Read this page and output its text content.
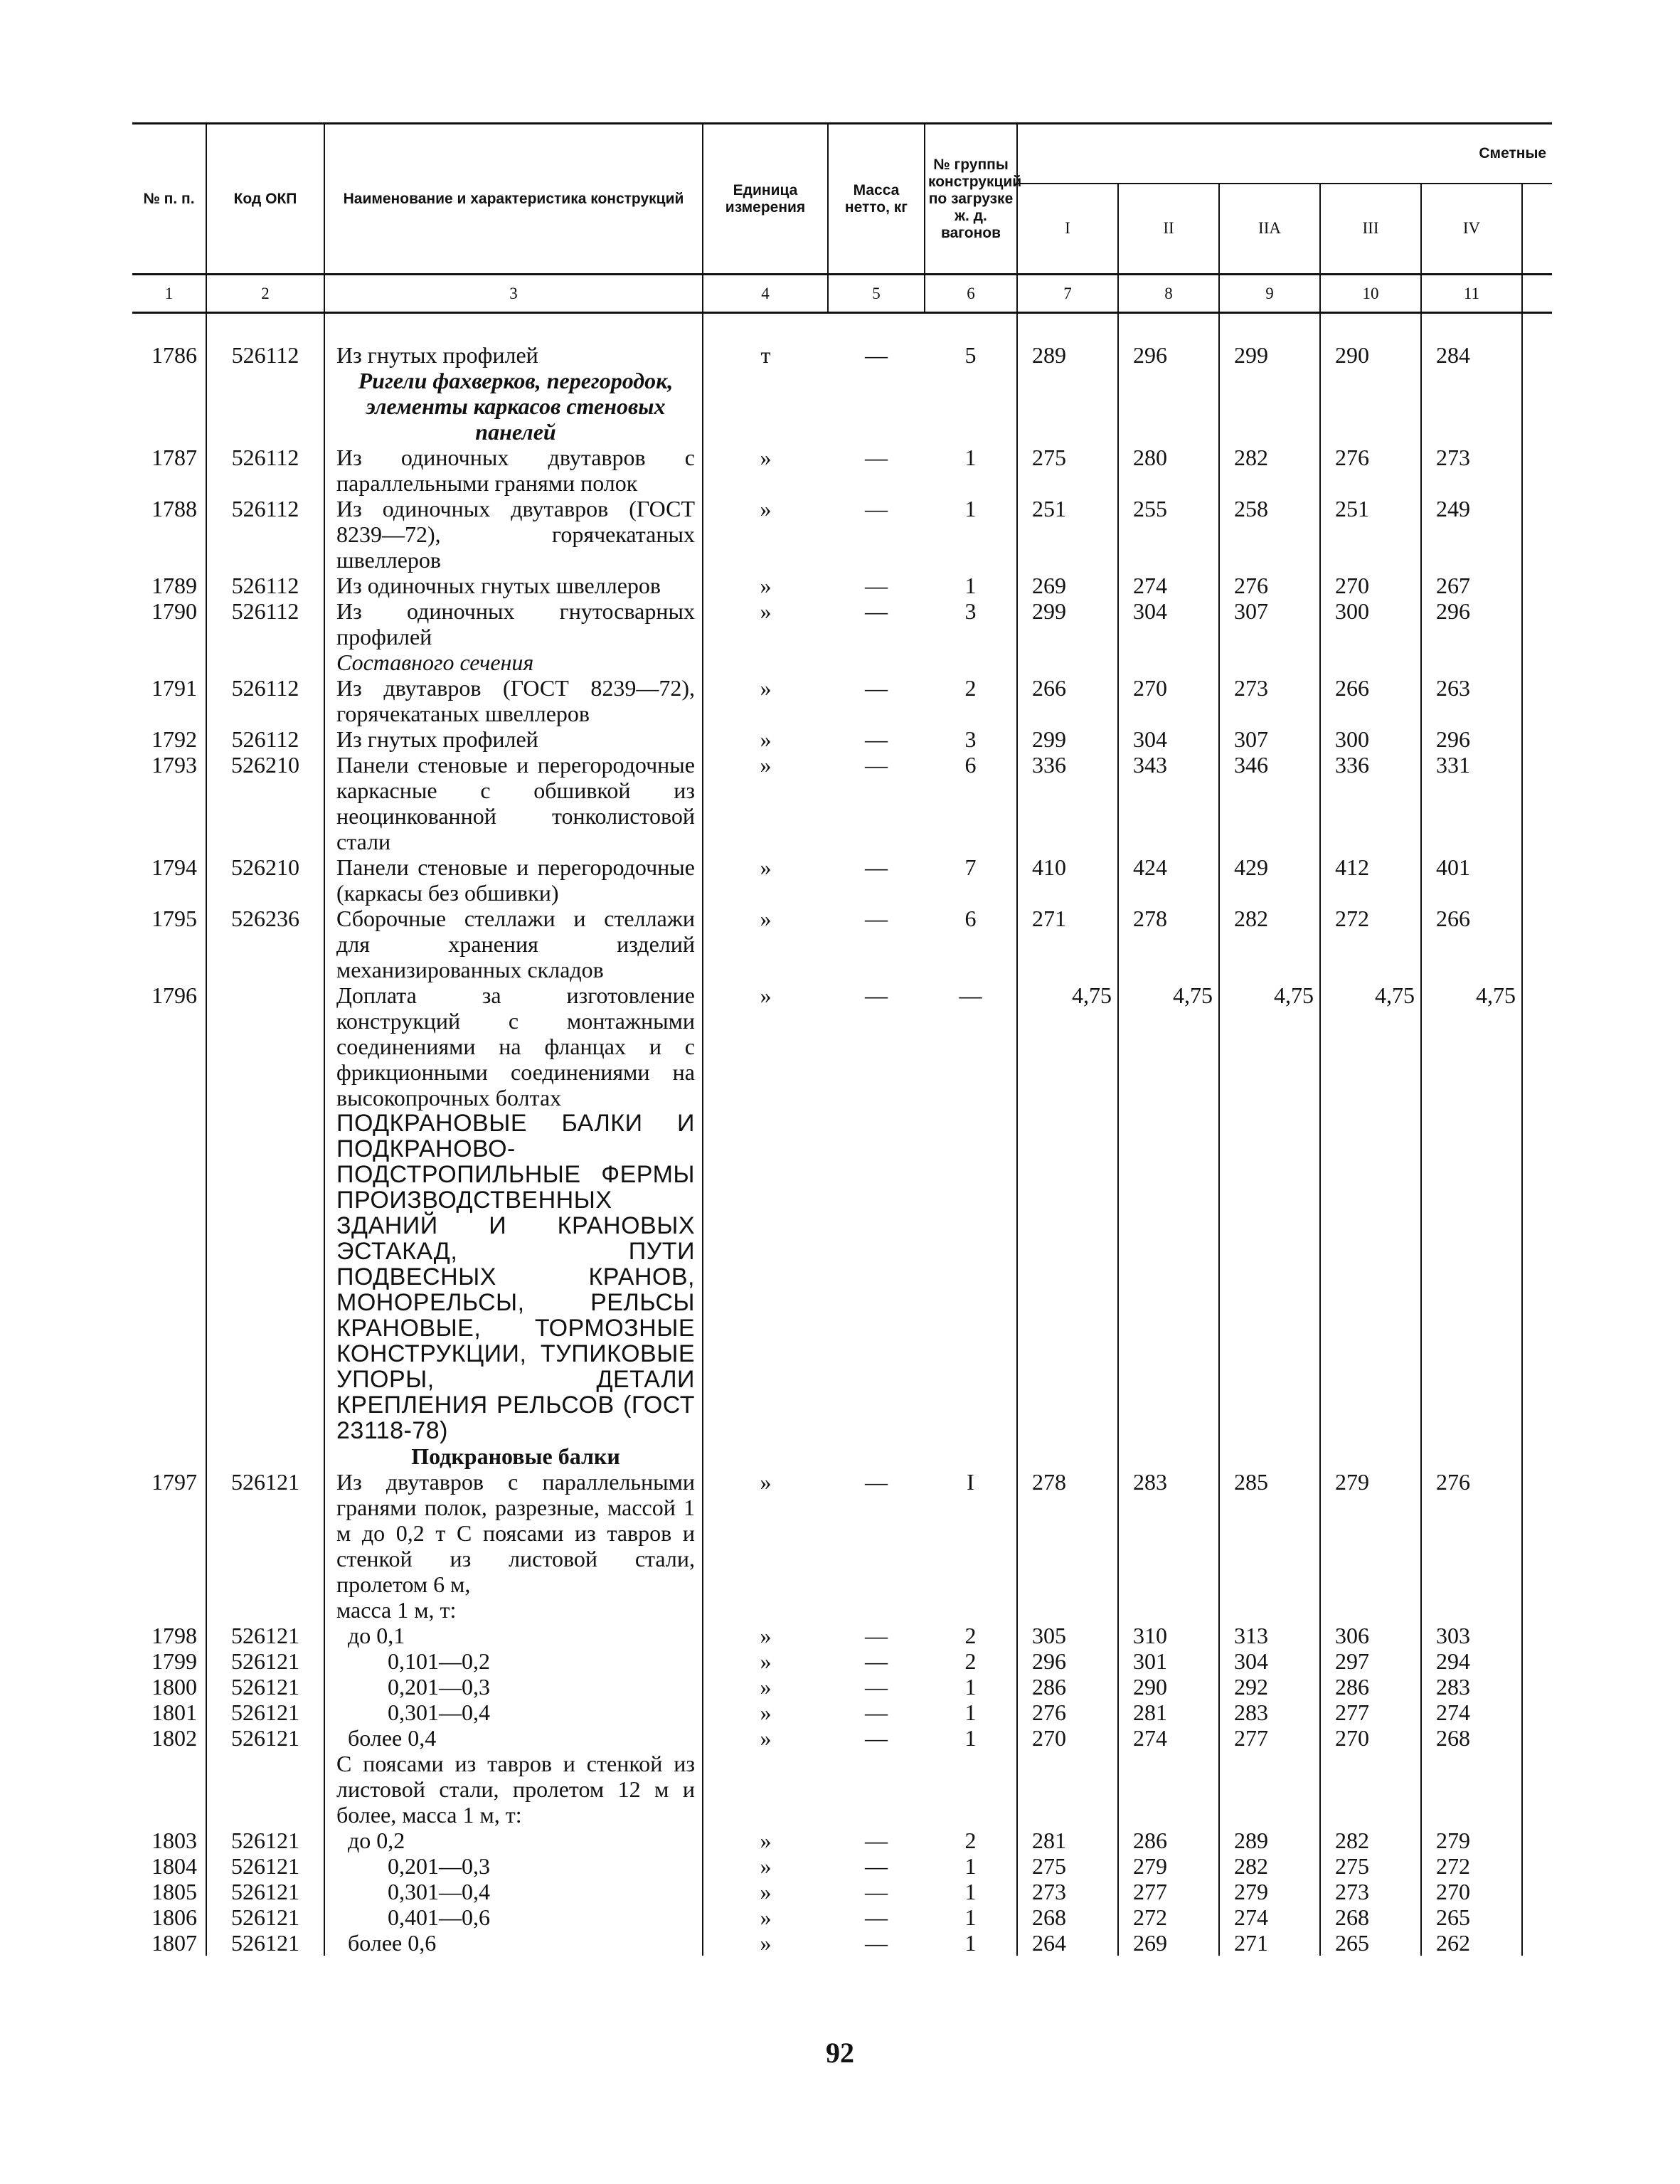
№ п. п.	Код ОКП	Наименование и характеристика конструкций	Единица измерения	Масса нетто, кг	№ группы конструкций по загрузке ж. д. вагонов	Сметные					
						I	II	IIA	III	IV	
1	2	3	4	5	6	7	8	9	10	11	

1786	526112	Из гнутых профилей	т	—	5	289	296	299	290	284	

		Ригели фахверков, перегородок, элементы каркасов стеновых панелей									

1787	526112	Из одиночных двутавров с параллельными гранями полок	»	—	1	275	280	282	276	273	
1788	526112	Из одиночных двутавров (ГОСТ 8239—72), горячекатаных швеллеров	»	—	1	251	255	258	251	249	
1789	526112	Из одиночных гнутых швеллеров	»	—	1	269	274	276	270	267	
1790	526112	Из одиночных гнутосварных профилей	»	—	3	299	304	307	300	296	
		Составного сечения									
1791	526112	Из двутавров (ГОСТ 8239—72), горячекатаных швеллеров	»	—	2	266	270	273	266	263	
1792	526112	Из гнутых профилей	»	—	3	299	304	307	300	296	
1793	526210	Панели стеновые и перегородочные каркасные с обшивкой из неоцинкованной тонколистовой стали	»	—	6	336	343	346	336	331	
1794	526210	Панели стеновые и перегородочные (каркасы без обшивки)	»	—	7	410	424	429	412	401	
1795	526236	Сборочные стеллажи и стеллажи для хранения изделий механизированных складов	»	—	6	271	278	282	272	266	
1796		Доплата за изготовление конструкций с монтажными соединениями на фланцах и с фрикционными соединениями на высокопрочных болтах	»	—	—	4,75	4,75	4,75	4,75	4,75	

		ПОДКРАНОВЫЕ БАЛКИ И ПОДКРАНОВО-ПОДСТРОПИЛЬНЫЕ ФЕРМЫ ПРОИЗВОДСТВЕННЫХ ЗДАНИЙ И КРАНОВЫХ ЭСТАКАД, ПУТИ ПОДВЕСНЫХ КРАНОВ, МОНОРЕЛЬСЫ, РЕЛЬСЫ КРАНОВЫЕ, ТОРМОЗНЫЕ КОНСТРУКЦИИ, ТУПИКОВЫЕ УПОРЫ, ДЕТАЛИ КРЕПЛЕНИЯ РЕЛЬСОВ (ГОСТ 23118-78)									

		Подкрановые балки									

1797	526121	Из двутавров с параллельными гранями полок, разрезные, массой 1 м до 0,2 т С поясами из тавров и стенкой из листовой стали, пролетом 6 м,	»	—	I	278	283	285	279	276	
		масса 1 м, т:									
1798	526121	до 0,1	»	—	2	305	310	313	306	303	
1799	526121	0,101—0,2	»	—	2	296	301	304	297	294	
1800	526121	0,201—0,3	»	—	1	286	290	292	286	283	
1801	526121	0,301—0,4	»	—	1	276	281	283	277	274	
1802	526121	более 0,4	»	—	1	270	274	277	270	268	
		С поясами из тавров и стенкой из листовой стали, пролетом 12 м и более, масса 1 м, т:									
1803	526121	до 0,2	»	—	2	281	286	289	282	279	
1804	526121	0,201—0,3	»	—	1	275	279	282	275	272	
1805	526121	0,301—0,4	»	—	1	273	277	279	273	270	
1806	526121	0,401—0,6	»	—	1	268	272	274	268	265	
1807	526121	более 0,6	»	—	1	264	269	271	265	262	
92
